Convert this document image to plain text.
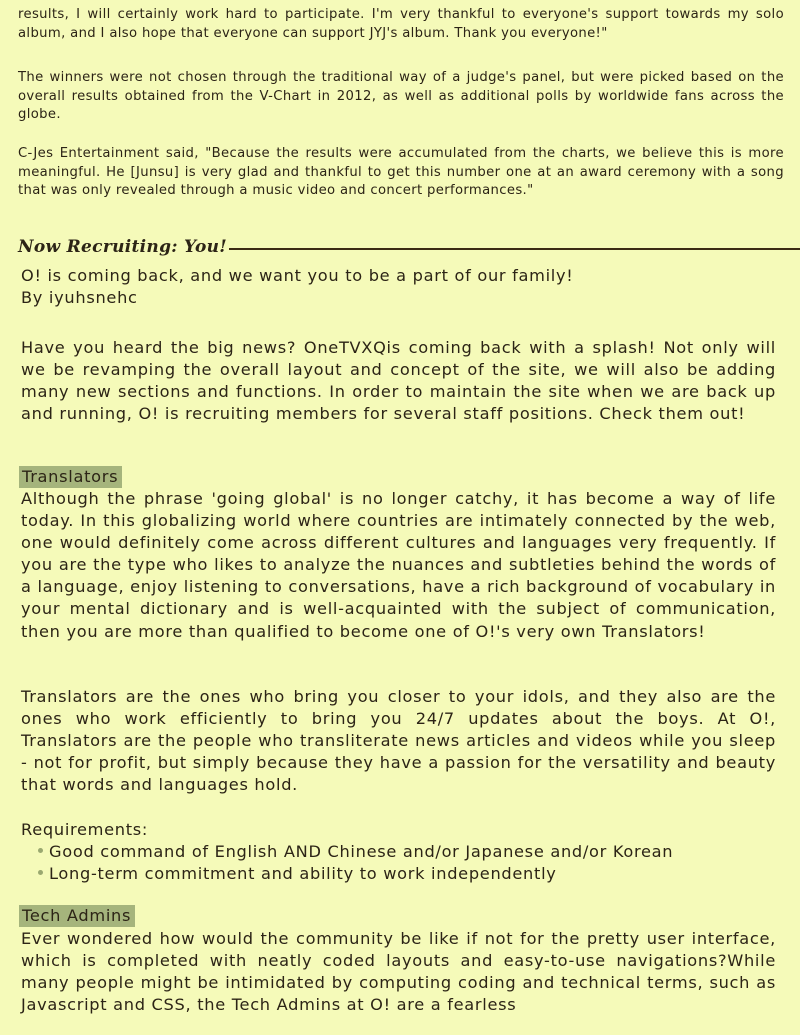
results, I will certainly work hard to participate. I'm very thankful to everyone's support towards my solo album, and I also hope that everyone can support JYJ's album. Thank you everyone!"

The winners were not chosen through the traditional way of a judge's panel, but were picked based on the overall results obtained from the V-Chart in 2012, as well as additional polls by worldwide fans across the globe.

C-Jes Entertainment said, "Because the results were accumulated from the charts, we believe this is more meaningful. He [Junsu] is very glad and thankful to get this number one at an award ceremony with a song that was only revealed through a music video and concert performances."

Now Recruiting: You!

O! is coming back, and we want you to be a part of our family!

By iyuhsnehc

Have you heard the big news? OneTVXQis coming back with a splash! Not only will we be revamping the overall layout and concept of the site, we will also be adding many new sections and functions. In order to maintain the site when we are back up and running, O! is recruiting members for several staff positions. Check them out!

Translators

Although the phrase 'going global' is no longer catchy, it has become a way of life today. In this globalizing world where countries are intimately connected by the web, one would definitely come across different cultures and languages very frequently. If you are the type who likes to analyze the nuances and subtleties behind the words of a language, enjoy listening to conversations, have a rich background of vocabulary in your mental dictionary and is well-acquainted with the subject of communication, then you are more than qualified to become one of O!'s very own Translators!

Translators are the ones who bring you closer to your idols, and they also are the ones who work efficiently to bring you 24/7 updates about the boys. At O!, Translators are the people who transliterate news articles and videos while you sleep - not for profit, but simply because they have a passion for the versatility and beauty that words and languages hold.

Requirements:

Good command of English AND Chinese and/or Japanese and/or Korean
Long-term commitment and ability to work independently
Tech Admins

Ever wondered how would the community be like if not for the pretty user interface, which is completed with neatly coded layouts and easy-to-use navigations?While many people might be intimidated by computing coding and technical terms, such as Javascript and CSS, the Tech Admins at O! are a fearless
